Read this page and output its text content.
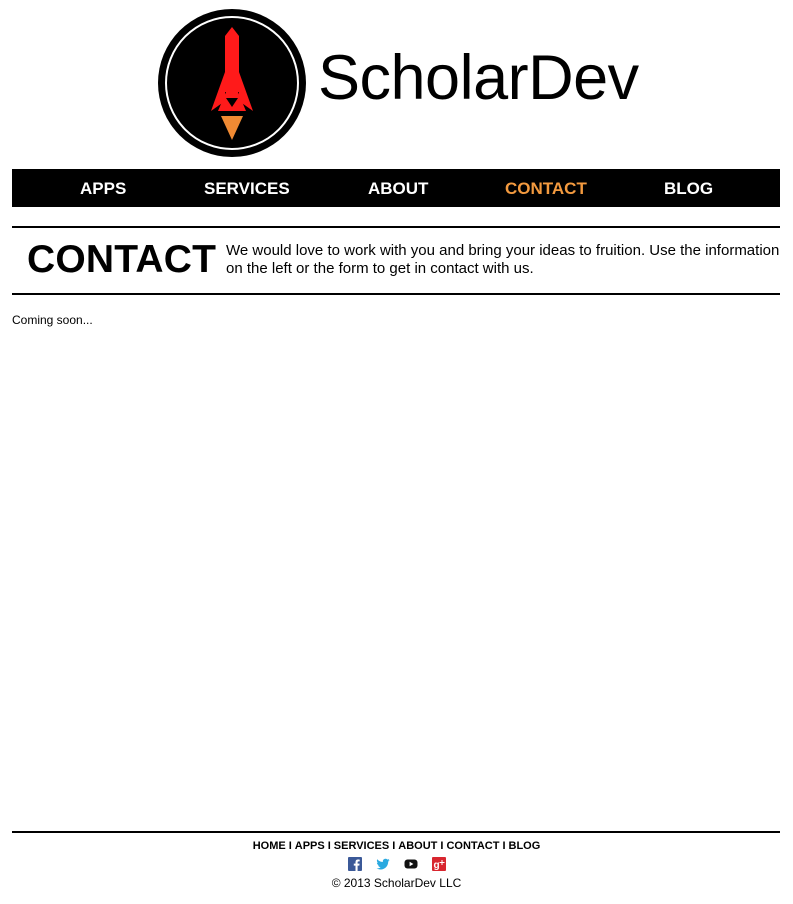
ScholarDev
APPS	SERVICES	ABOUT	CONTACT	BLOG
CONTACT We would love to work with you and bring your ideas to fruition. Use the information on the left or the form to get in contact with us.

Coming soon...

HOME I APPS I SERVICES I ABOUT I CONTACT I BLOG

g
© 2013 ScholarDev LLC
